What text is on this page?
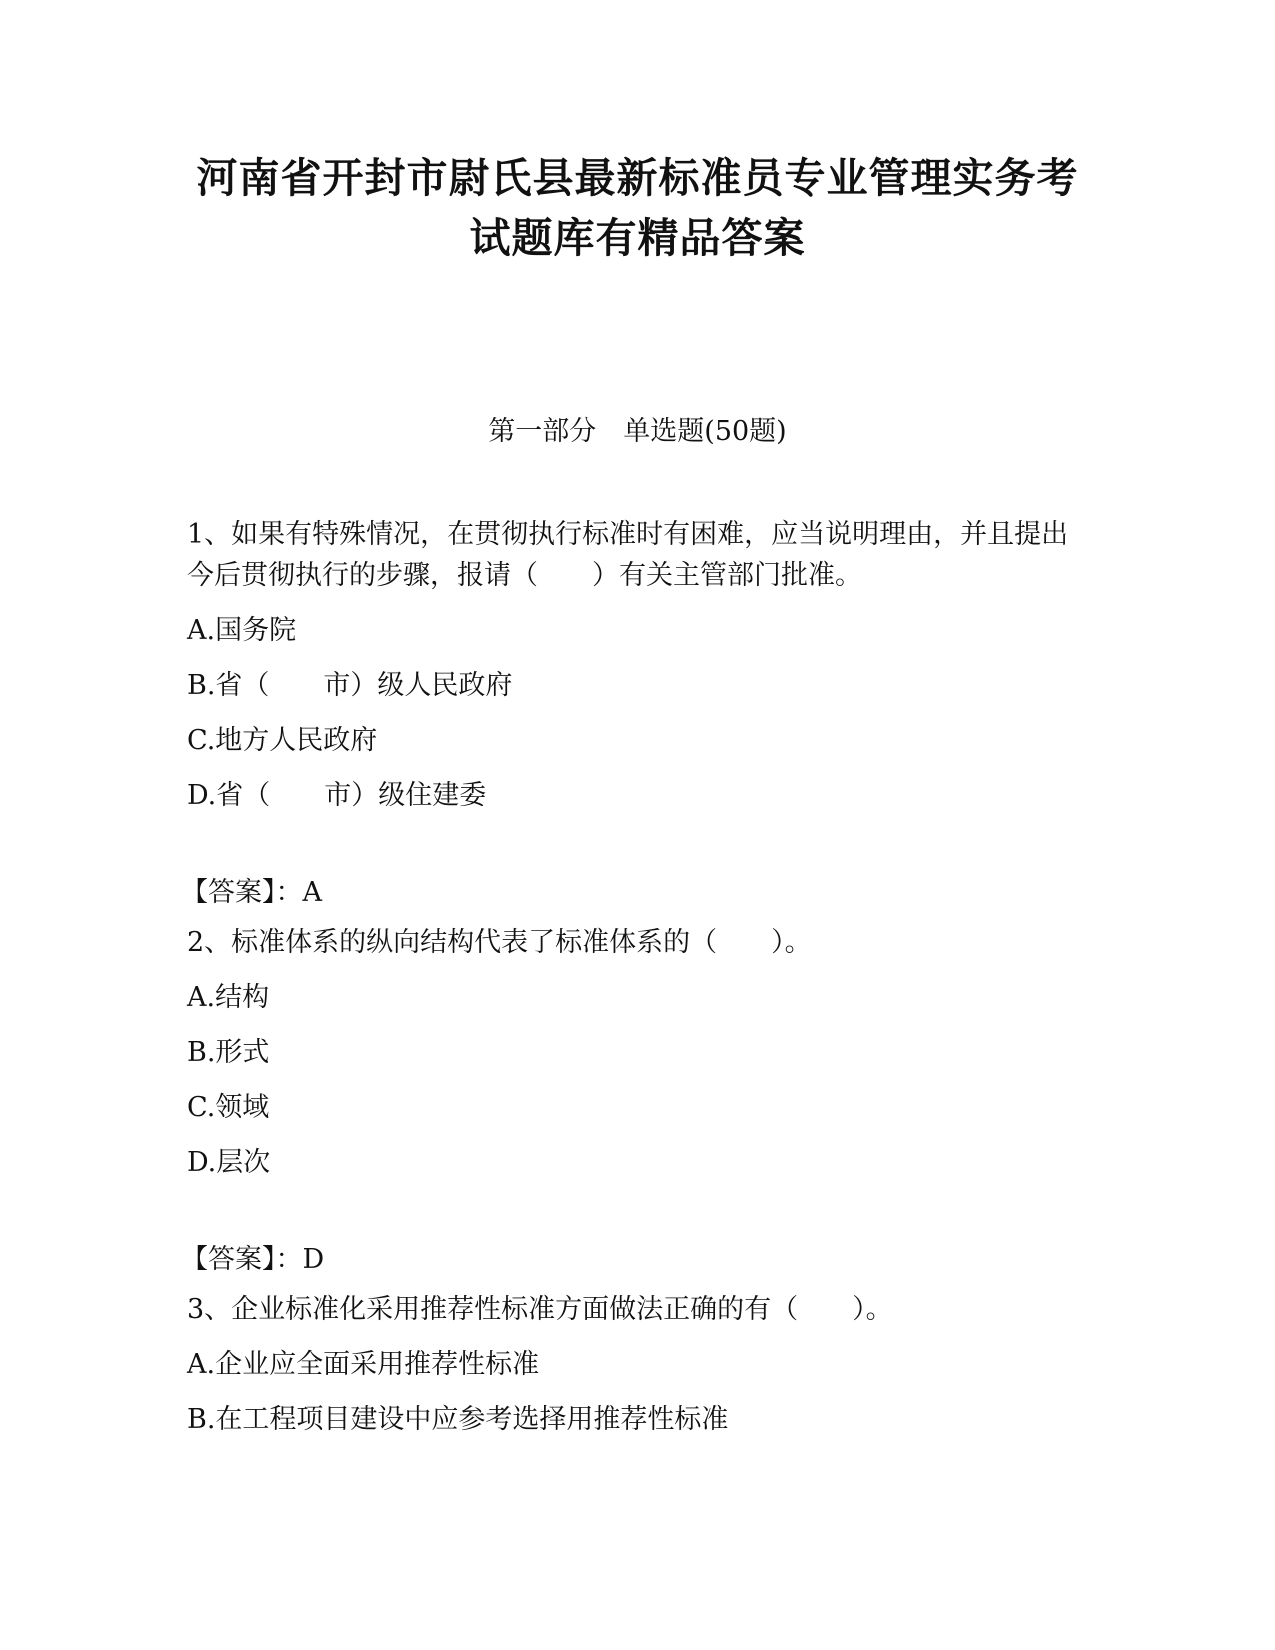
河南省开封市尉氏县最新标准员专业管理实务考
试题库有精品答案
第一部分　单选题(50题)

1、如果有特殊情况，在贯彻执行标准时有困难，应当说明理由，并且提出今后贯彻执行的步骤，报请（　　）有关主管部门批准。

A.国务院

B.省（　　市）级人民政府

C.地方人民政府

D.省（　　市）级住建委

【答案】：A

2、标准体系的纵向结构代表了标准体系的（　　）。

A.结构

B.形式

C.领域

D.层次

【答案】：D

3、企业标准化采用推荐性标准方面做法正确的有（　　）。

A.企业应全面采用推荐性标准

B.在工程项目建设中应参考选择用推荐性标准
